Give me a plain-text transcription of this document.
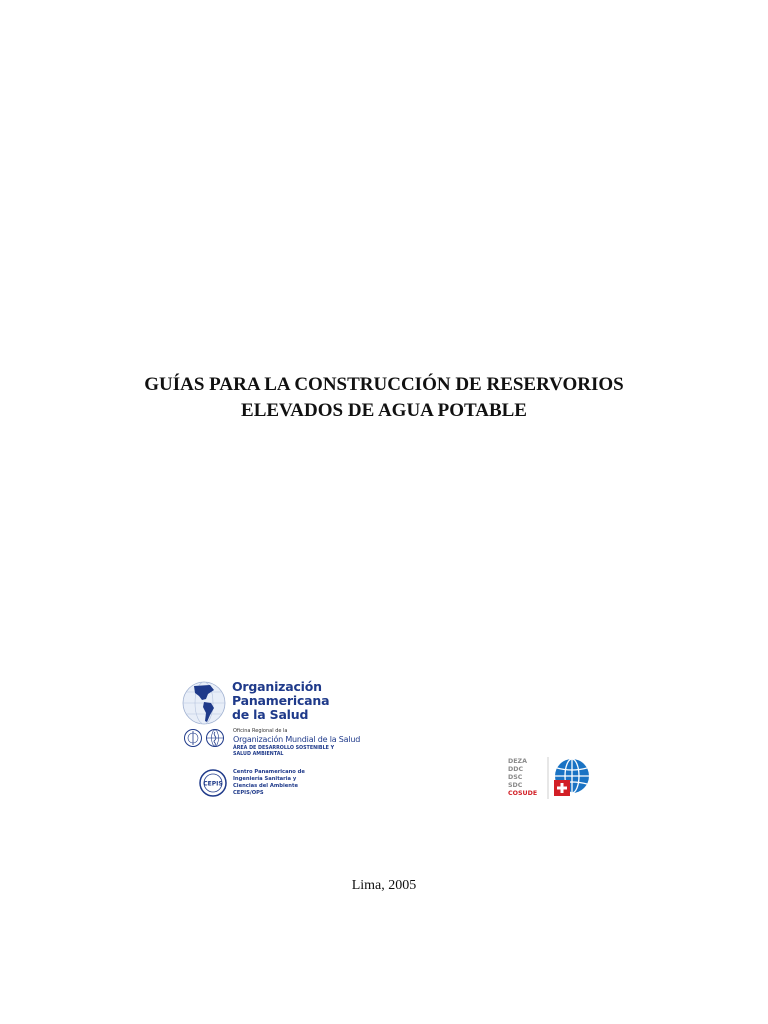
GUÍAS PARA LA CONSTRUCCIÓN DE RESERVORIOS
ELEVADOS DE AGUA POTABLE
Organización
Panamericana
de la Salud
Oficina Regional de la
Organización Mundial de la Salud
ÁREA DE DESARROLLO SOSTENIBLE Y
SALUD AMBIENTAL
CEPIS
Centro Panamericano de
Ingeniería Sanitaria y
Ciencias del Ambiente
CEPIS/OPS
DEZA
DDC
DSC
SDC
COSUDE
Lima, 2005
